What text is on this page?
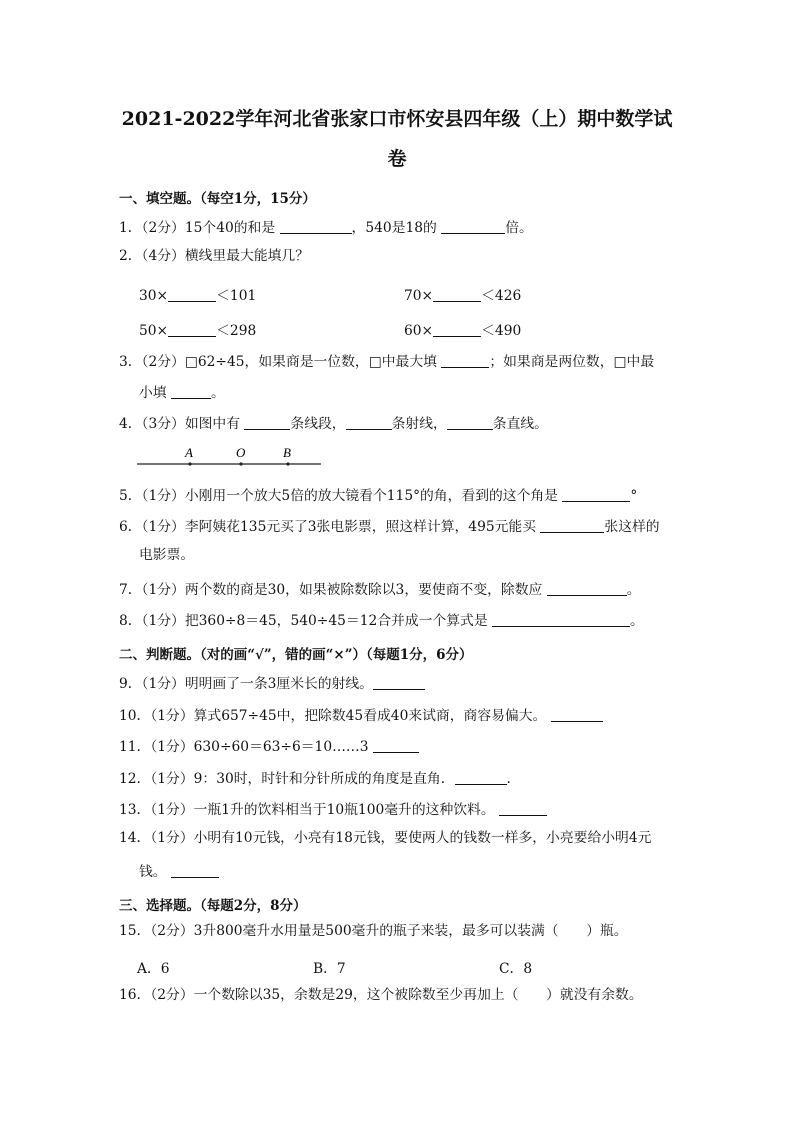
2021-2022学年河北省张家口市怀安县四年级（上）期中数学试
卷
一、填空题。（每空1分，15分）
1．（2分）15个40的和是	，540是18的	倍。
2．（4分）横线里最大能填几？
30×	＜101	70×	＜426
50×	＜298	60×	＜490
3．（2分）□62÷45，如果商是一位数，□中最大填	；如果商是两位数，□中最
小填	。
4．（3分）如图中有	条线段，	条射线，	条直线。
A	O	B
5．（1分）小刚用一个放大5倍的放大镜看个115°的角，看到的这个角是	°
6．（1分）李阿姨花135元买了3张电影票，照这样计算，495元能买	张这样的
电影票。
7．（1分）两个数的商是30，如果被除数除以3，要使商不变，除数应	。
8．（1分）把360÷8＝45，540÷45＝12合并成一个算式是	。
二、判断题。（对的画“√”，错的画“×”）（每题1分，6分）
9．（1分）明明画了一条3厘米长的射线。
10．（1分）算式657÷45中，把除数45看成40来试商，商容易偏大。
11．（1分）630÷60＝63÷6＝10……3
12．（1分）9：30时，时针和分针所成的角度是直角．	.
13．（1分）一瓶1升的饮料相当于10瓶100毫升的这种饮料。
14．（1分）小明有10元钱，小亮有18元钱，要使两人的钱数一样多，小亮要给小明4元
钱。
三、选择题。（每题2分，8分）
15．（2分）3升800毫升水用量是500毫升的瓶子来装，最多可以装满（　　）瓶。
A．6	B．7	C．8
16．（2分）一个数除以35，余数是29，这个被除数至少再加上（　　）就没有余数。
